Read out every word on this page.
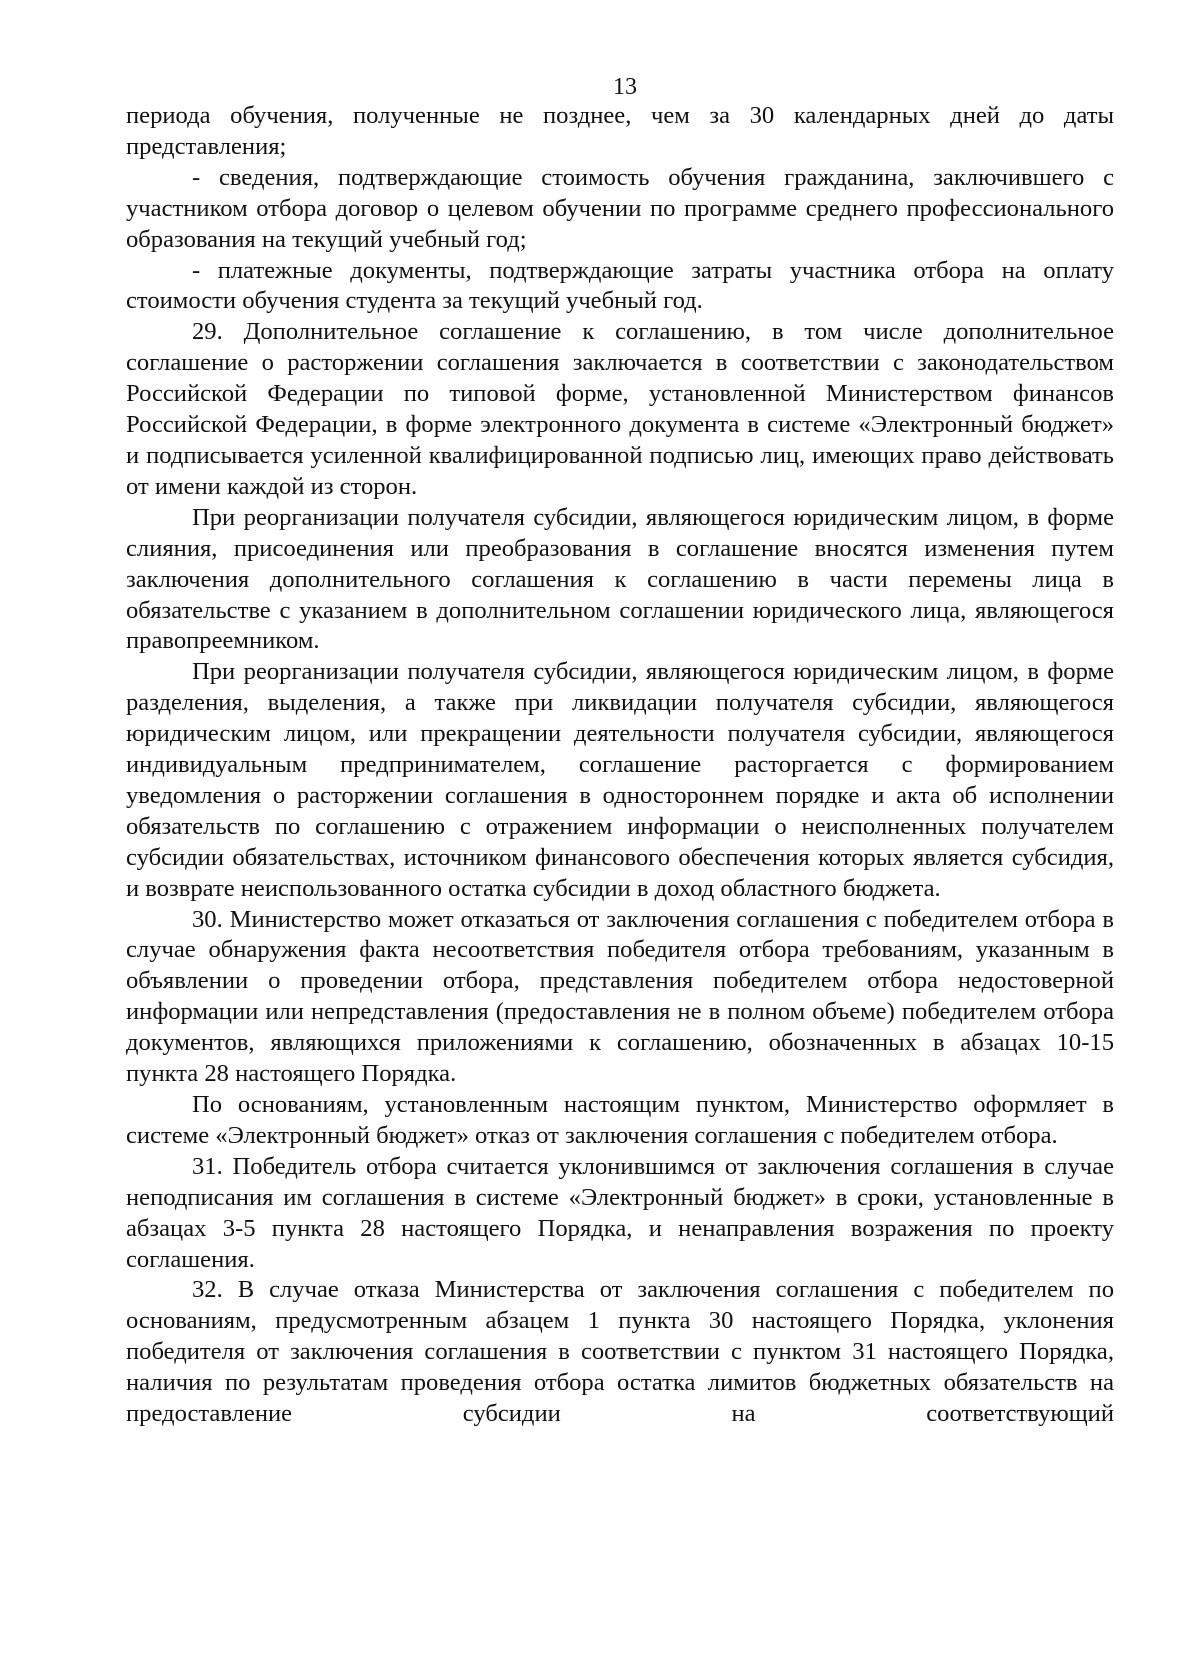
13

периода обучения, полученные не позднее, чем за 30 календарных дней до даты представления;

- сведения, подтверждающие стоимость обучения гражданина, заключившего с участником отбора договор о целевом обучении по программе среднего профессионального образования на текущий учебный год;

- платежные документы, подтверждающие затраты участника отбора на оплату стоимости обучения студента за текущий учебный год.

29. Дополнительное соглашение к соглашению, в том числе дополнительное соглашение о расторжении соглашения заключается в соответствии с законодательством Российской Федерации по типовой форме, установленной Министерством финансов Российской Федерации, в форме электронного документа в системе «Электронный бюджет» и подписывается усиленной квалифицированной подписью лиц, имеющих право действовать от имени каждой из сторон.

При реорганизации получателя субсидии, являющегося юридическим лицом, в форме слияния, присоединения или преобразования в соглашение вносятся изменения путем заключения дополнительного соглашения к соглашению в части перемены лица в обязательстве с указанием в дополнительном соглашении юридического лица, являющегося правопреемником.

При реорганизации получателя субсидии, являющегося юридическим лицом, в форме разделения, выделения, а также при ликвидации получателя субсидии, являющегося юридическим лицом, или прекращении деятельности получателя субсидии, являющегося индивидуальным предпринимателем, соглашение расторгается с формированием уведомления о расторжении соглашения в одностороннем порядке и акта об исполнении обязательств по соглашению с отражением информации о неисполненных получателем субсидии обязательствах, источником финансового обеспечения которых является субсидия, и возврате неиспользованного остатка субсидии в доход областного бюджета.

30. Министерство может отказаться от заключения соглашения с победителем отбора в случае обнаружения факта несоответствия победителя отбора требованиям, указанным в объявлении о проведении отбора, представления победителем отбора недостоверной информации или непредставления (предоставления не в полном объеме) победителем отбора документов, являющихся приложениями к соглашению, обозначенных в абзацах 10-15 пункта 28 настоящего Порядка.

По основаниям, установленным настоящим пунктом, Министерство оформляет в системе «Электронный бюджет» отказ от заключения соглашения с победителем отбора.

31. Победитель отбора считается уклонившимся от заключения соглашения в случае неподписания им соглашения в системе «Электронный бюджет» в сроки, установленные в абзацах 3-5 пункта 28 настоящего Порядка, и ненаправления возражения по проекту соглашения.

32. В случае отказа Министерства от заключения соглашения с победителем по основаниям, предусмотренным абзацем 1 пункта 30 настоящего Порядка, уклонения победителя от заключения соглашения в соответствии с пунктом 31 настоящего Порядка, наличия по результатам проведения отбора остатка лимитов бюджетных обязательств на предоставление субсидии на соответствующий
